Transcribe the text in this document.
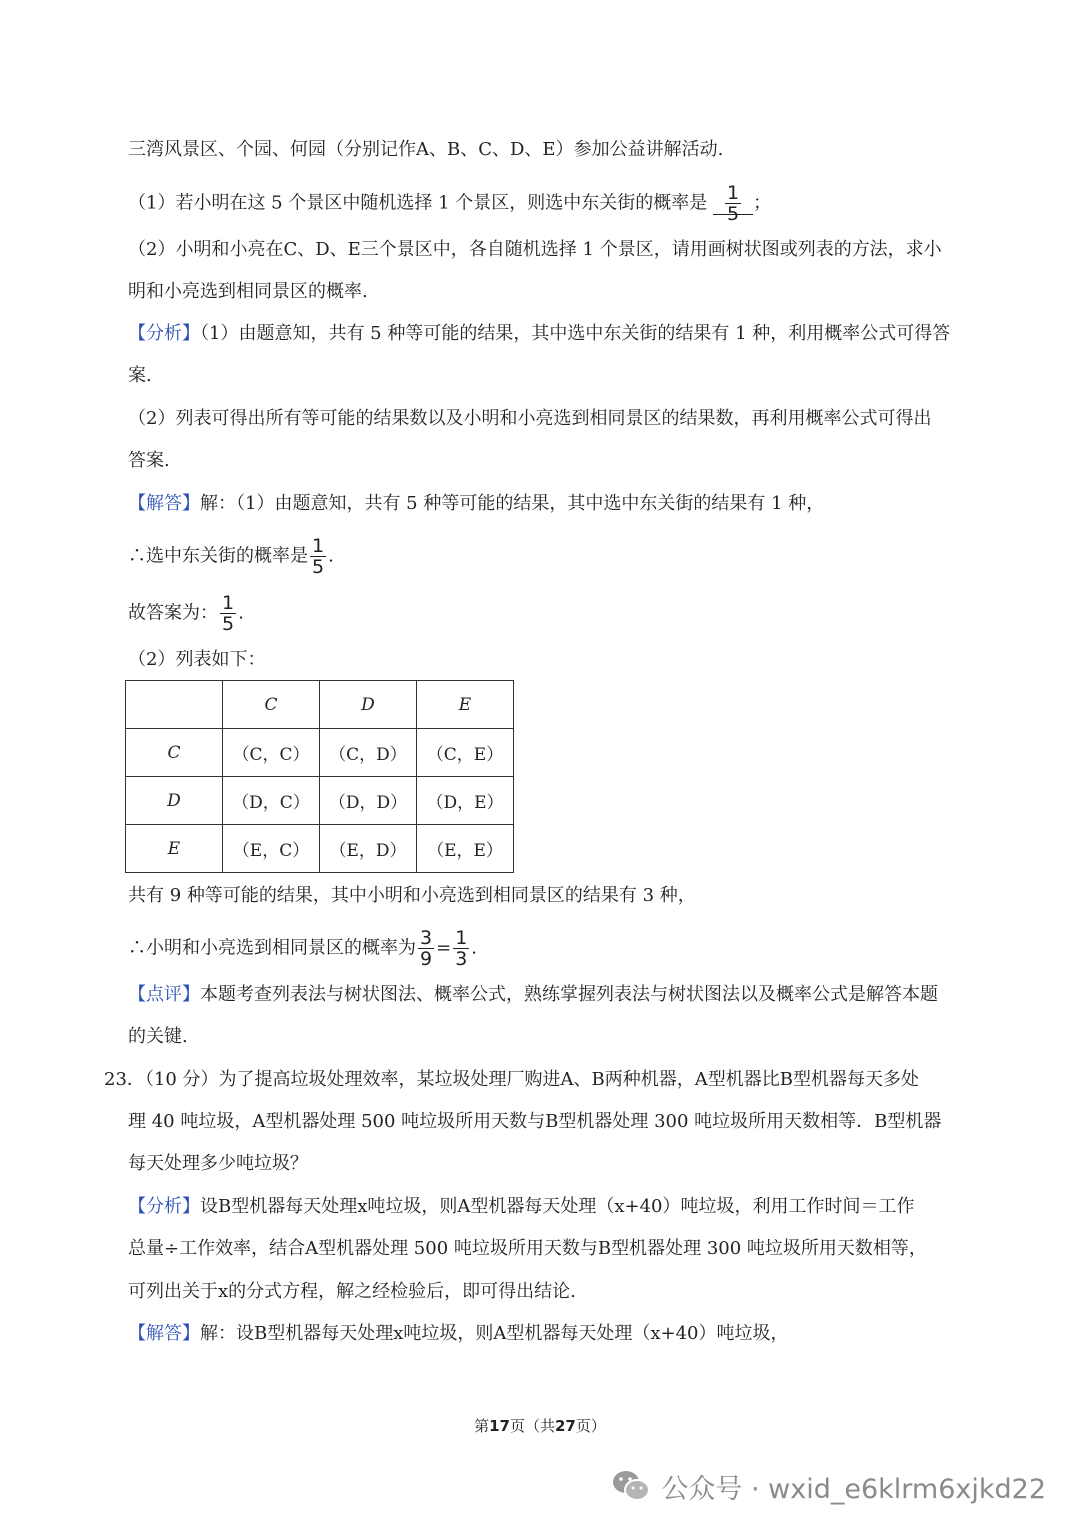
三湾风景区、个园、何园（分别记作A、B、C、D、E）参加公益讲解活动.
（1）若小明在这 5 个景区中随机选择 1 个景区，则选中东关街的概率是 $\frac{1}{5}$ ；
（2）小明和小亮在C、D、E三个景区中，各自随机选择 1 个景区，请用画树状图或列表的方法，求小
明和小亮选到相同景区的概率.
【分析】（1）由题意知，共有 5 种等可能的结果，其中选中东关街的结果有 1 种，利用概率公式可得答
案.
（2）列表可得出所有等可能的结果数以及小明和小亮选到相同景区的结果数，再利用概率公式可得出
答案.
【解答】解：（1）由题意知，共有 5 种等可能的结果，其中选中东关街的结果有 1 种，
∴选中东关街的概率是 $\frac{1}{5}$ .
故答案为： $\frac{1}{5}$ .
（2）列表如下：
	C	D	E
C	（C，C）	（C，D）	（C，E）
D	（D，C）	（D，D）	（D，E）
E	（E，C）	（E，D）	（E，E）
共有 9 种等可能的结果，其中小明和小亮选到相同景区的结果有 3 种，
∴小明和小亮选到相同景区的概率为 $\frac{3}{9} = \frac{1}{3}$ .
【点评】本题考查列表法与树状图法、概率公式，熟练掌握列表法与树状图法以及概率公式是解答本题
的关键.
23．（10 分）为了提高垃圾处理效率，某垃圾处理厂购进A、B两种机器，A型机器比B型机器每天多处
理 40 吨垃圾，A型机器处理 500 吨垃圾所用天数与B型机器处理 300 吨垃圾所用天数相等．B型机器
每天处理多少吨垃圾？
【分析】设B型机器每天处理x吨垃圾，则A型机器每天处理（x+40）吨垃圾，利用工作时间＝工作
总量÷工作效率，结合A型机器处理 500 吨垃圾所用天数与B型机器处理 300 吨垃圾所用天数相等，
可列出关于x的分式方程，解之经检验后，即可得出结论.
【解答】解：设B型机器每天处理x吨垃圾，则A型机器每天处理（x+40）吨垃圾，
第17页（共27页）
公众号 · wxid_e6klrm6xjkd22
